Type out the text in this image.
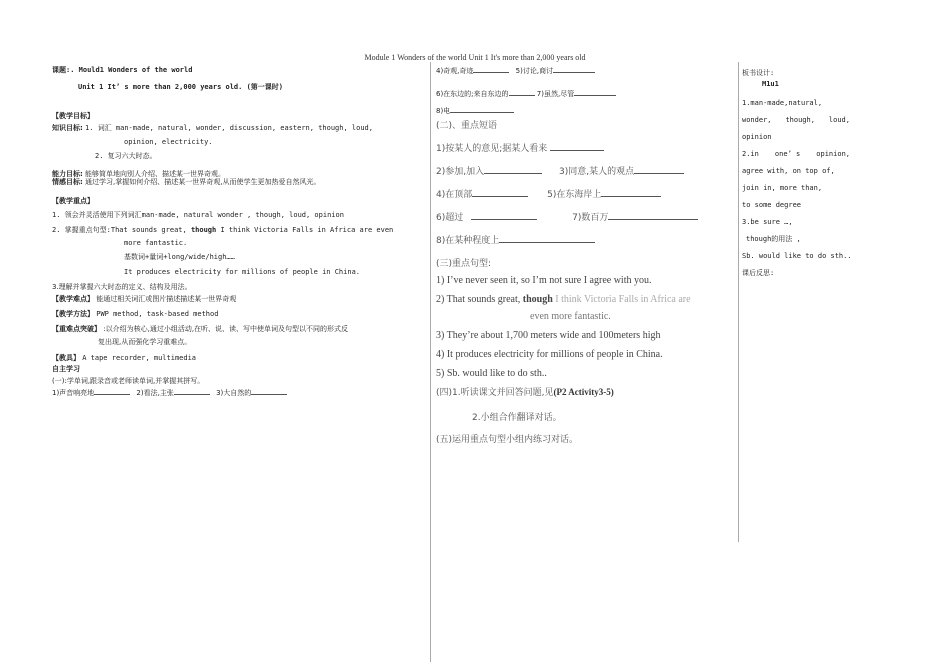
Module 1 Wonders of the world Unit 1 It's more than 2,000 years old
课题:. Mould1 Wonders of the world
Unit 1 It’ s more than 2,000 years old. (第一课时)
【教学目标】
知识目标: 1. 词汇 man-made, natural, wonder, discussion, eastern, though, loud,
opinion, electricity.
2. 复习六大时态。
能力目标: 能够简单地向别人介绍、描述某一世界奇观。
情感目标: 通过学习,掌握如何介绍、描述某一世界奇观,从而使学生更加热爱自然风光。
【教学重点】
1. 领会并灵活使用下列词汇man-made, natural wonder , though, loud, opinion
2. 掌握重点句型:That sounds great, though I think Victoria Falls in Africa are even
more fantastic.
基数词+量词+long/wide/high……
It produces electricity for millions of people in China.
3.理解并掌握六大时态的定义、结构及用法。
【教学难点】 能通过相关词汇或图片描述描述某一世界奇观
【教学方法】 PWP method, task-based method
【重难点突破】 :以介绍为核心,通过小组活动,在听、说、读、写中使单词及句型以不同的形式反
复出现,从而强化学习重难点。
【教具】 A tape recorder, multimedia
自主学习
(一):学单词,跟录音或老师读单词,并掌握其拼写。
1)声音响亮地	2)看法,主张	3)大自然的
4)奇观,奇迹	5)讨论,商讨
6)在东边的;来自东边的	7)虽然,尽管
8)电
(二)、重点短语
1)按某人的意见;据某人看来
2)参加,加入	3)同意,某人的观点
4)在顶部	5)在东海岸上
6)超过	7)数百万
8)在某种程度上
(三)重点句型:
1) I’ve never seen it, so I’m not sure I agree with you.
2) That sounds great, though I think Victoria Falls in Africa are
even more fantastic.
3) They’re about 1,700 meters wide and 100meters high
4) It produces electricity for millions of people in China.
5) Sb. would like to do sth..
(四)1.听读课文并回答问题,见(P2 Activity3-5)
2.小组合作翻译对话。
(五)运用重点句型小组内练习对话。
板书设计:
M1u1
1.man-made,natural,
wonder, though, loud,
opinion
2.in one’ s opinion,
agree with, on top of,
join in, more than,
to some degree
3.be sure …,
though的用法 ,
Sb. would like to do sth..
课后反思:
